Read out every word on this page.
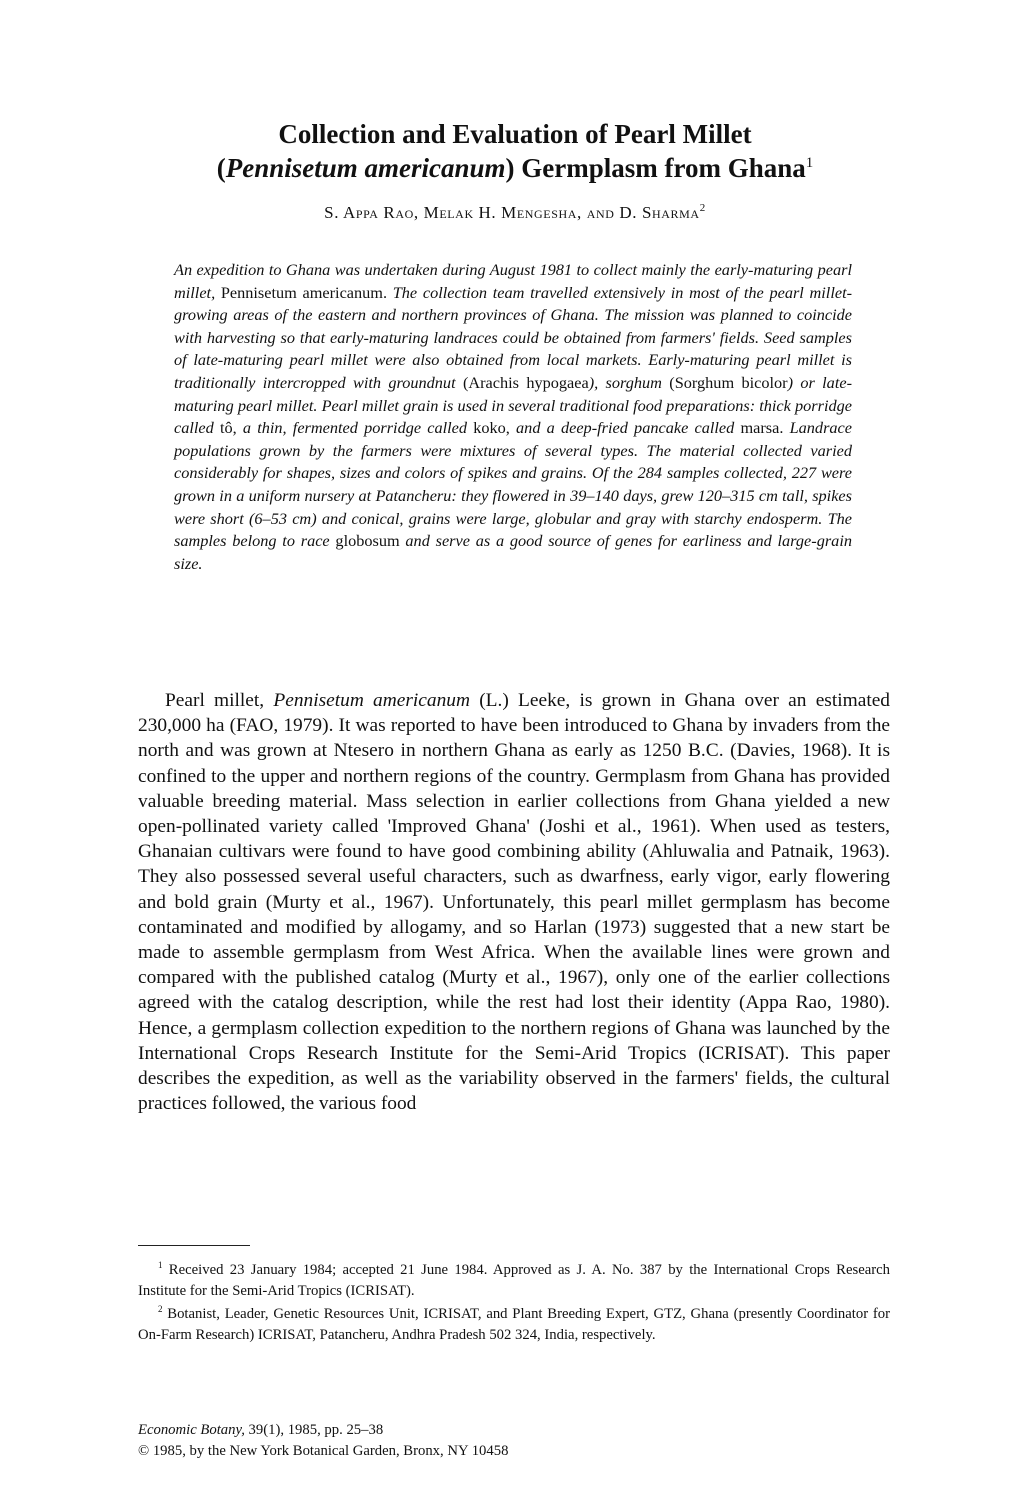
Collection and Evaluation of Pearl Millet
(Pennisetum americanum) Germplasm from Ghana$^1$
S. Appa Rao, Melak H. Mengesha, and D. Sharma$^2$
An expedition to Ghana was undertaken during August 1981 to collect mainly the early-maturing pearl millet, Pennisetum americanum. The collection team travelled extensively in most of the pearl millet-growing areas of the eastern and northern provinces of Ghana. The mission was planned to coincide with harvesting so that early-maturing landraces could be obtained from farmers' fields. Seed samples of late-maturing pearl millet were also obtained from local markets. Early-maturing pearl millet is traditionally intercropped with groundnut (Arachis hypogaea), sorghum (Sorghum bicolor) or late-maturing pearl millet. Pearl millet grain is used in several traditional food preparations: thick porridge called tô, a thin, fermented porridge called koko, and a deep-fried pancake called marsa. Landrace populations grown by the farmers were mixtures of several types. The material collected varied considerably for shapes, sizes and colors of spikes and grains. Of the 284 samples collected, 227 were grown in a uniform nursery at Patancheru: they flowered in 39–140 days, grew 120–315 cm tall, spikes were short (6–53 cm) and conical, grains were large, globular and gray with starchy endosperm. The samples belong to race globosum and serve as a good source of genes for earliness and large-grain size.

Pearl millet, Pennisetum americanum (L.) Leeke, is grown in Ghana over an estimated 230,000 ha (FAO, 1979). It was reported to have been introduced to Ghana by invaders from the north and was grown at Ntesero in northern Ghana as early as 1250 B.C. (Davies, 1968). It is confined to the upper and northern regions of the country. Germplasm from Ghana has provided valuable breeding material. Mass selection in earlier collections from Ghana yielded a new open-pollinated variety called 'Improved Ghana' (Joshi et al., 1961). When used as testers, Ghanaian cultivars were found to have good combining ability (Ahluwalia and Patnaik, 1963). They also possessed several useful characters, such as dwarfness, early vigor, early flowering and bold grain (Murty et al., 1967). Unfortunately, this pearl millet germplasm has become contaminated and modified by allogamy, and so Harlan (1973) suggested that a new start be made to assemble germplasm from West Africa. When the available lines were grown and compared with the published catalog (Murty et al., 1967), only one of the earlier collections agreed with the catalog description, while the rest had lost their identity (Appa Rao, 1980). Hence, a germplasm collection expedition to the northern regions of Ghana was launched by the International Crops Research Institute for the Semi-Arid Tropics (ICRISAT). This paper describes the expedition, as well as the variability observed in the farmers' fields, the cultural practices followed, the various food

$^1$ Received 23 January 1984; accepted 21 June 1984. Approved as J. A. No. 387 by the International Crops Research Institute for the Semi-Arid Tropics (ICRISAT).

$^2$ Botanist, Leader, Genetic Resources Unit, ICRISAT, and Plant Breeding Expert, GTZ, Ghana (presently Coordinator for On-Farm Research) ICRISAT, Patancheru, Andhra Pradesh 502 324, India, respectively.

Economic Botany, 39(1), 1985, pp. 25–38
© 1985, by the New York Botanical Garden, Bronx, NY 10458
